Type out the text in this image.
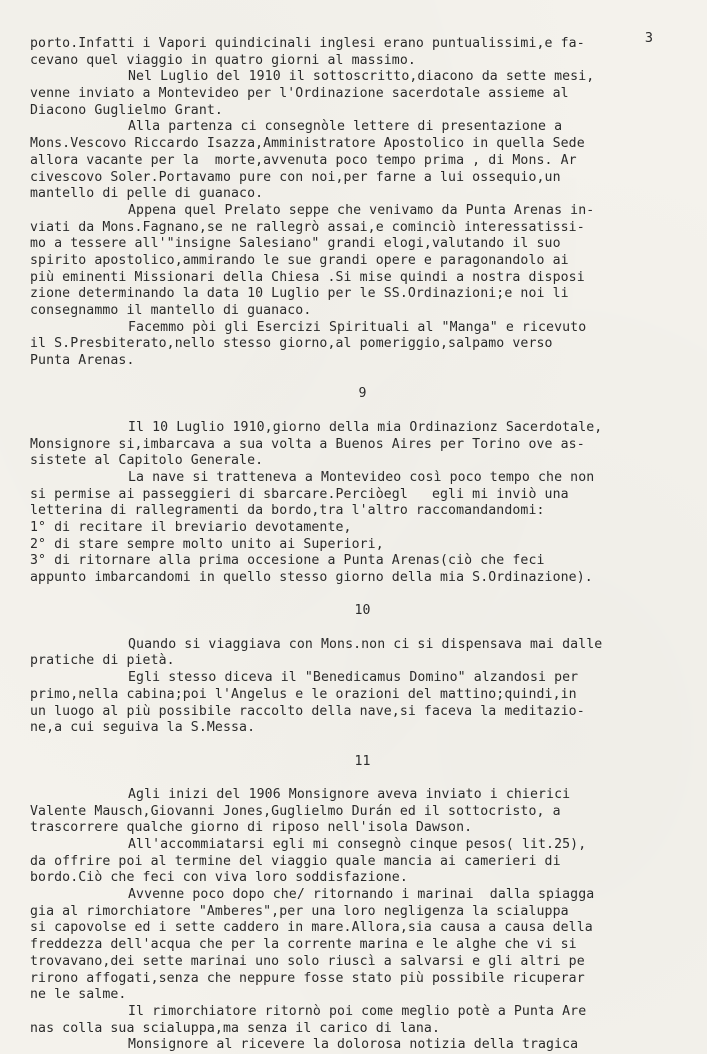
3
porto.Infatti i Vapori quindicinali inglesi erano puntualissimi,e fa-
cevano quel viaggio in quatro giorni al massimo.
Nel Luglio del 1910 il sottoscritto,diacono da sette mesi,
venne inviato a Montevideo per l'Ordinazione sacerdotale assieme al
Diacono Guglielmo Grant.
Alla partenza ci consegnòle lettere di presentazione a
Mons.Vescovo Riccardo Isazza,Amministratore Apostolico in quella Sede
allora vacante per la  morte,avvenuta poco tempo prima , di Mons. Ar
civescovo Soler.Portavamo pure con noi,per farne a lui ossequio,un
mantello di pelle di guanaco.
Appena quel Prelato seppe che venivamo da Punta Arenas in-
viati da Mons.Fagnano,se ne rallegrò assai,e cominciò interessatissi-
mo a tessere all'"insigne Salesiano" grandi elogi,valutando il suo
spirito apostolico,ammirando le sue grandi opere e paragonandolo ai
più eminenti Missionari della Chiesa .Si mise quindi a nostra disposi
zione determinando la data 10 Luglio per le SS.Ordinazioni;e noi li
consegnammo il mantello di guanaco.
Facemmo pòi gli Esercizi Spirituali al "Manga" e ricevuto
il S.Presbiterato,nello stesso giorno,al pomeriggio,salpamo verso
Punta Arenas.
9
Il 10 Luglio 1910,giorno della mia Ordinazionz Sacerdotale,
Monsignore si,imbarcava a sua volta a Buenos Aires per Torino ove as-
sistete al Capitolo Generale.
La nave si tratteneva a Montevideo così poco tempo che non
si permise ai passeggieri di sbarcare.Perciòegl   egli mi inviò una
letterina di rallegramenti da bordo,tra l'altro raccomandandomi:
1° di recitare il breviario devotamente,
2° di stare sempre molto unito ai Superiori,
3° di ritornare alla prima occesione a Punta Arenas(ciò che feci
appunto imbarcandomi in quello stesso giorno della mia S.Ordinazione).
10
Quando si viaggiava con Mons.non ci si dispensava mai dalle
pratiche di pietà.
Egli stesso diceva il "Benedicamus Domino" alzandosi per
primo,nella cabina;poi l'Angelus e le orazioni del mattino;quindi,in
un luogo al più possibile raccolto della nave,si faceva la meditazio-
ne,a cui seguiva la S.Messa.
11
Agli inizi del 1906 Monsignore aveva inviato i chierici
Valente Mausch,Giovanni Jones,Guglielmo Durán ed il sottocristo, a
trascorrere qualche giorno di riposo nell'isola Dawson.
All'accommiatarsi egli mi consegnò cinque pesos( lit.25),
da offrire poi al termine del viaggio quale mancia ai camerieri di
bordo.Ciò che feci con viva loro soddisfazione.
Avvenne poco dopo che/ ritornando i marinai  dalla spiagga
gia al rimorchiatore "Amberes",per una loro negligenza la scialuppa
si capovolse ed i sette caddero in mare.Allora,sia causa a causa della
freddezza dell'acqua che per la corrente marina e le alghe che vi si
trovavano,dei sette marinai uno solo riuscì a salvarsi e gli altri pe
rirono affogati,senza che neppure fosse stato più possibile ricuperar
ne le salme.
Il rimorchiatore ritornò poi come meglio potè a Punta Are
nas colla sua scialuppa,ma senza il carico di lana.
Monsignore al ricevere la dolorosa notizia della tragica
